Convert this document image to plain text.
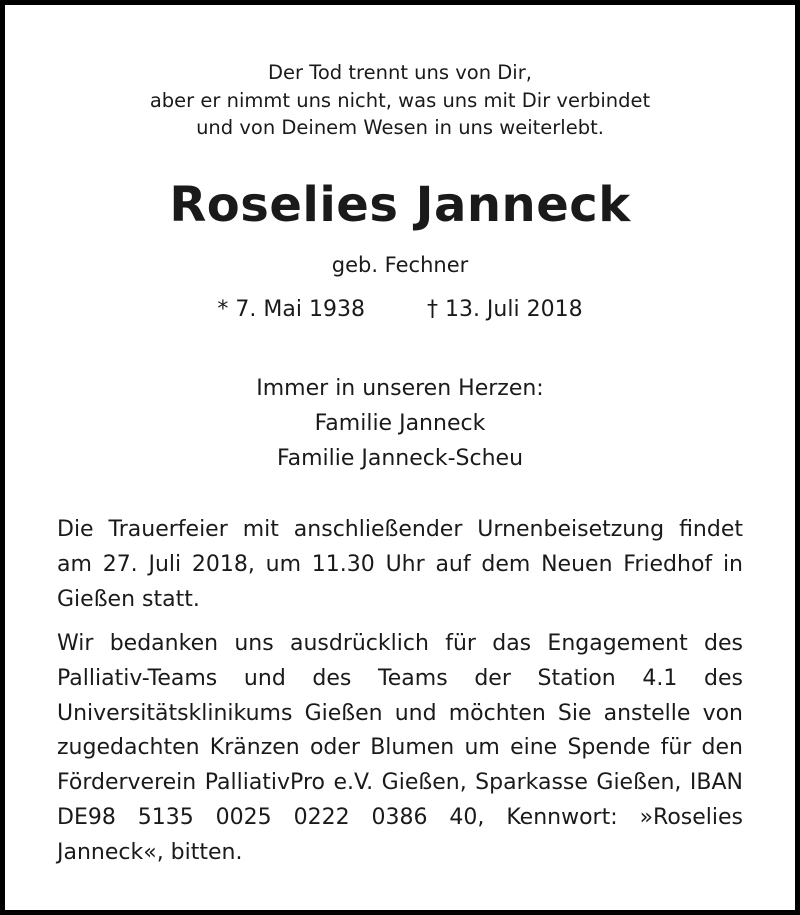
Der Tod trennt uns von Dir,
aber er nimmt uns nicht, was uns mit Dir verbindet
und von Deinem Wesen in uns weiterlebt.
Roselies Janneck
geb. Fechner
* 7. Mai 1938	† 13. Juli 2018
Immer in unseren Herzen:
Familie Janneck
Familie Janneck-Scheu
Die Trauerfeier mit anschließender Urnenbeisetzung findet am 27. Juli 2018, um 11.30 Uhr auf dem Neuen Friedhof in Gießen statt.
Wir bedanken uns ausdrücklich für das Engagement des Palliativ-Teams und des Teams der Station 4.1 des Universitätsklinikums Gießen und möchten Sie anstelle von zugedachten Kränzen oder Blumen um eine Spende für den Förderverein PalliativPro e.V. Gießen, Sparkasse Gießen, IBAN DE98 5135 0025 0222 0386 40, Kennwort: »Roselies Janneck«, bitten.
